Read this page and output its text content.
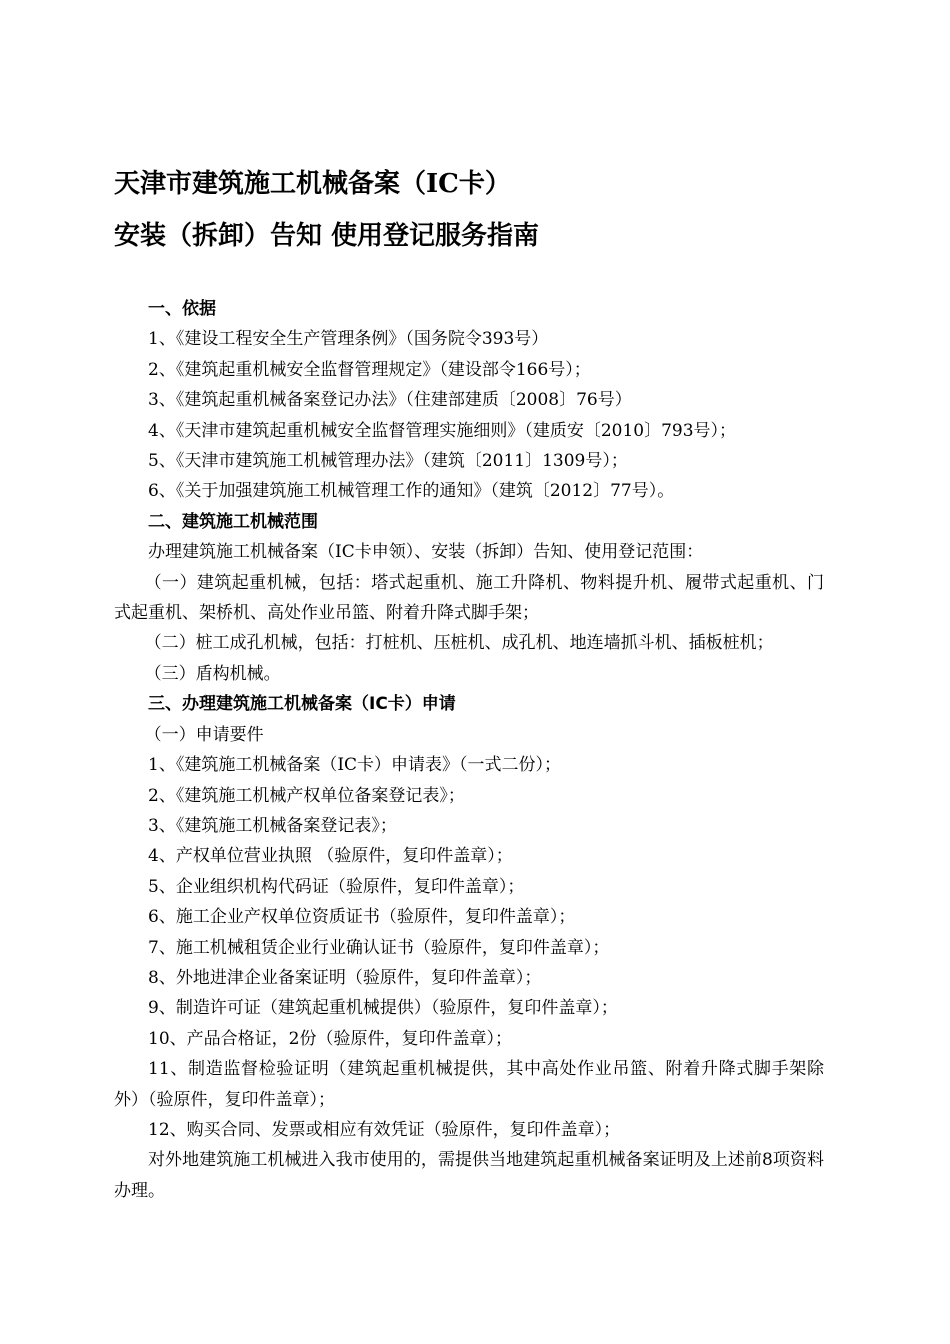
天津市建筑施工机械备案（IC卡）
安装（拆卸）告知 使用登记服务指南

一、依据

1、《建设工程安全生产管理条例》（国务院令393号）

2、《建筑起重机械安全监督管理规定》（建设部令166号）；

3、《建筑起重机械备案登记办法》（住建部建质〔2008〕76号）

4、《天津市建筑起重机械安全监督管理实施细则》（建质安〔2010〕793号）；

5、《天津市建筑施工机械管理办法》（建筑〔2011〕1309号）；

6、《关于加强建筑施工机械管理工作的通知》（建筑〔2012〕77号）。

二、建筑施工机械范围

办理建筑施工机械备案（IC卡申领）、安装（拆卸）告知、使用登记范围：

（一）建筑起重机械，包括：塔式起重机、施工升降机、物料提升机、履带式起重机、门式起重机、架桥机、高处作业吊篮、附着升降式脚手架；

（二）桩工成孔机械，包括：打桩机、压桩机、成孔机、地连墙抓斗机、插板桩机；

（三）盾构机械。

三、办理建筑施工机械备案（IC卡）申请

（一）申请要件

1、《建筑施工机械备案（IC卡）申请表》（一式二份）；

2、《建筑施工机械产权单位备案登记表》；

3、《建筑施工机械备案登记表》；

4、产权单位营业执照 （验原件，复印件盖章）；

5、企业组织机构代码证（验原件，复印件盖章）；

6、施工企业产权单位资质证书（验原件，复印件盖章）；

7、施工机械租赁企业行业确认证书（验原件，复印件盖章）；

8、外地进津企业备案证明（验原件，复印件盖章）；

9、制造许可证（建筑起重机械提供）（验原件，复印件盖章）；

10、产品合格证，2份（验原件，复印件盖章）；

11、制造监督检验证明（建筑起重机械提供，其中高处作业吊篮、附着升降式脚手架除外）（验原件，复印件盖章）；

12、购买合同、发票或相应有效凭证（验原件，复印件盖章）；

对外地建筑施工机械进入我市使用的，需提供当地建筑起重机械备案证明及上述前8项资料办理。
